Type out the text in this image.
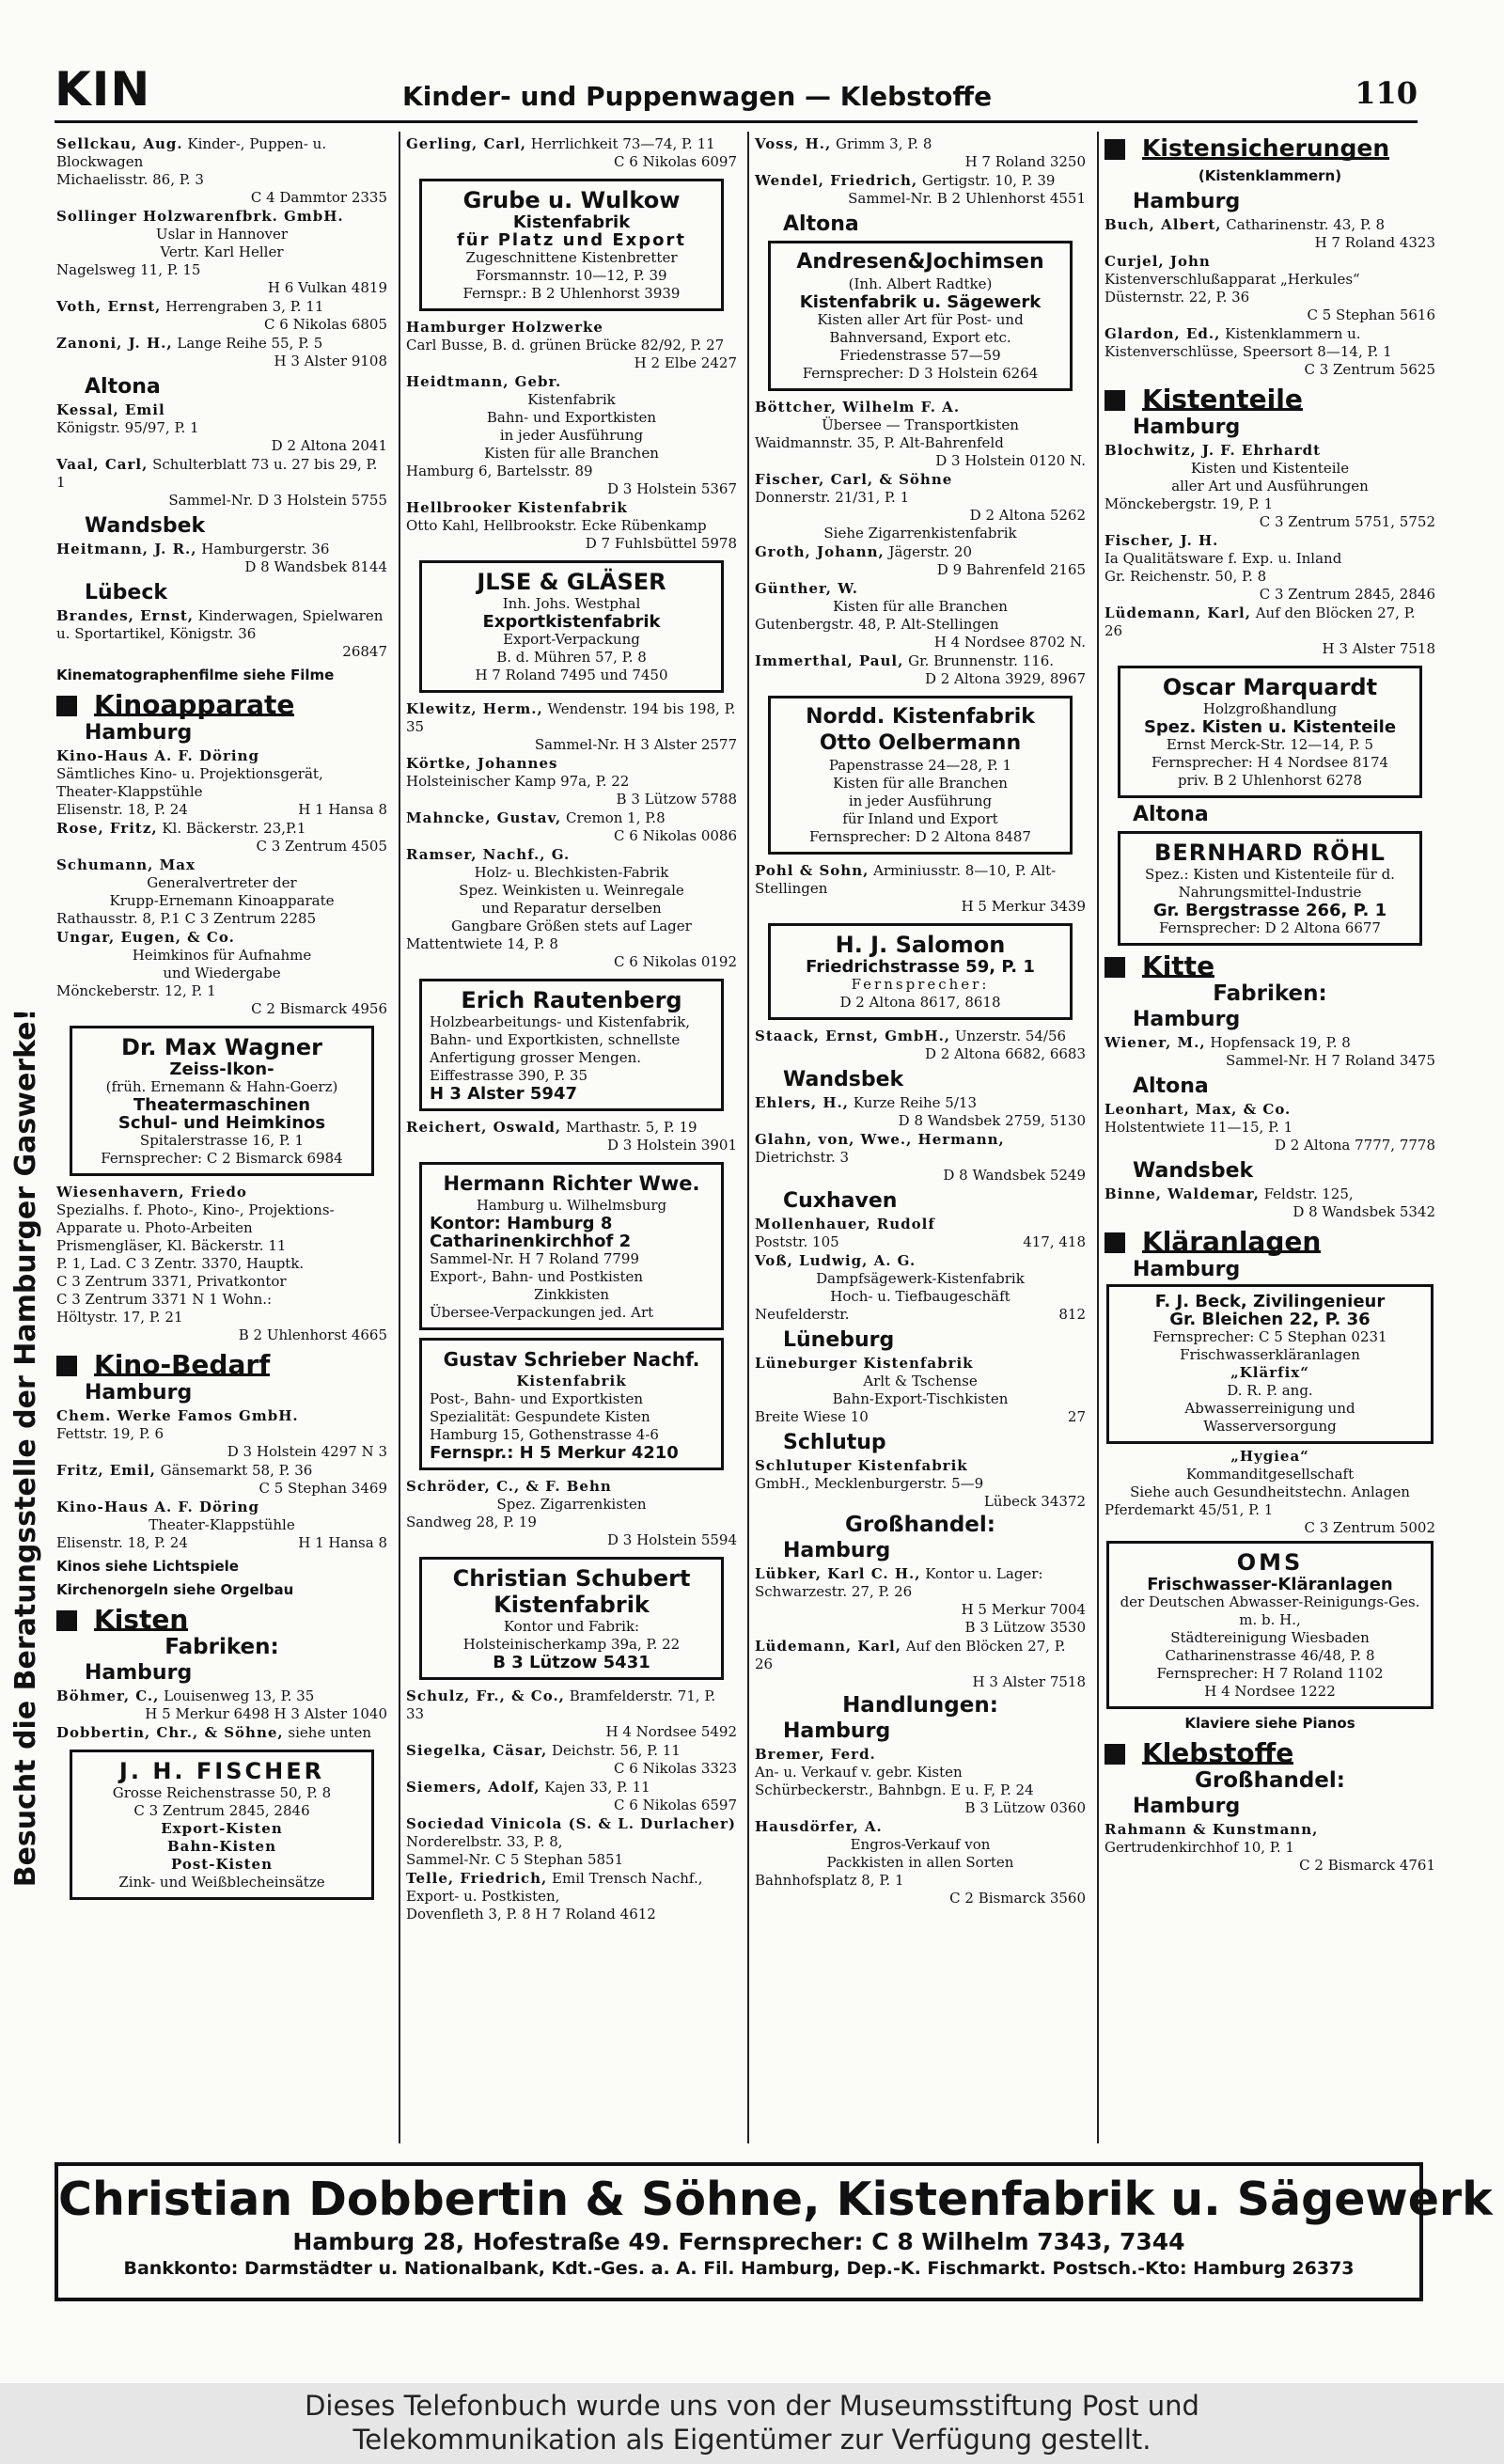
KIN	Kinder- und Puppenwagen — Klebstoffe	110
Besucht die Beratungsstelle der Hamburger Gaswerke!
Sellckau, Aug. Kinder-, Puppen- u. Blockwagen
Michaelisstr. 86, P. 3
C 4 Dammtor 2335
Sollinger Holzwarenfbrk. GmbH.
Uslar in Hannover
Vertr. Karl Heller
Nagelsweg 11, P. 15
H 6 Vulkan 4819
Voth, Ernst, Herrengraben 3, P. 11
C 6 Nikolas 6805
Zanoni, J. H., Lange Reihe 55, P. 5
H 3 Alster 9108
Altona
Kessal, Emil
Königstr. 95/97, P. 1
D 2 Altona 2041
Vaal, Carl, Schulterblatt 73 u. 27 bis 29, P. 1
Sammel-Nr. D 3 Holstein 5755
Wandsbek
Heitmann, J. R., Hamburgerstr. 36
D 8 Wandsbek 8144
Lübeck
Brandes, Ernst, Kinderwagen, Spielwaren u. Sportartikel, Königstr. 36
26847
Kinematographenfilme siehe Filme
Kinoapparate
Hamburg
Kino-Haus A. F. Döring
Sämtliches Kino- u. Projektionsgerät, Theater-Klappstühle
Elisenstr. 18, P. 24	H 1 Hansa 8
Rose, Fritz, Kl. Bäckerstr. 23,P.1
C 3 Zentrum 4505
Schumann, Max
Generalvertreter der
Krupp-Ernemann Kinoapparate
Rathausstr. 8, P.1 C 3 Zentrum 2285
Ungar, Eugen, & Co.
Heimkinos für Aufnahme
und Wiedergabe
Mönckeberstr. 12, P. 1
C 2 Bismarck 4956
Dr. Max Wagner
Zeiss-Ikon-
(früh. Ernemann & Hahn-Goerz)
Theatermaschinen
Schul- und Heimkinos
Spitalerstrasse 16, P. 1
Fernsprecher: C 2 Bismarck 6984
Wiesenhavern, Friedo
Spezialhs. f. Photo-, Kino-, Projektions-Apparate u. Photo-Arbeiten
Prismengläser, Kl. Bäckerstr. 11
P. 1, Lad. C 3 Zentr. 3370, Hauptk.
C 3 Zentrum 3371, Privatkontor
C 3 Zentrum 3371 N 1 Wohn.:
Höltystr. 17, P. 21
B 2 Uhlenhorst 4665
Kino-Bedarf
Hamburg
Chem. Werke Famos GmbH.
Fettstr. 19, P. 6
D 3 Holstein 4297 N 3
Fritz, Emil, Gänsemarkt 58, P. 36
C 5 Stephan 3469
Kino-Haus A. F. Döring
Theater-Klappstühle
Elisenstr. 18, P. 24	H 1 Hansa 8
Kinos siehe Lichtspiele
Kirchenorgeln siehe Orgelbau
Kisten
Fabriken:
Hamburg
Böhmer, C., Louisenweg 13, P. 35
H 5 Merkur 6498 H 3 Alster 1040
Dobbertin, Chr., & Söhne, siehe unten
J. H. FISCHER
Grosse Reichenstrasse 50, P. 8
C 3 Zentrum 2845, 2846
Export-Kisten
Bahn-Kisten
Post-Kisten
Zink- und Weißblecheinsätze
Gerling, Carl, Herrlichkeit 73—74, P. 11
C 6 Nikolas 6097
Grube u. Wulkow
Kistenfabrik
für Platz und Export
Zugeschnittene Kistenbretter
Forsmannstr. 10—12, P. 39
Fernspr.: B 2 Uhlenhorst 3939
Hamburger Holzwerke
Carl Busse, B. d. grünen Brücke 82/92, P. 27
H 2 Elbe 2427
Heidtmann, Gebr.
Kistenfabrik
Bahn- und Exportkisten
in jeder Ausführung
Kisten für alle Branchen
Hamburg 6, Bartelsstr. 89
D 3 Holstein 5367
Hellbrooker Kistenfabrik
Otto Kahl, Hellbrookstr. Ecke Rübenkamp
D 7 Fuhlsbüttel 5978
JLSE & GLÄSER
Inh. Johs. Westphal
Exportkistenfabrik
Export-Verpackung
B. d. Mühren 57, P. 8
H 7 Roland 7495 und 7450
Klewitz, Herm., Wendenstr. 194 bis 198, P. 35
Sammel-Nr. H 3 Alster 2577
Körtke, Johannes
Holsteinischer Kamp 97a, P. 22
B 3 Lützow 5788
Mahncke, Gustav, Cremon 1, P.8
C 6 Nikolas 0086
Ramser, Nachf., G.
Holz- u. Blechkisten-Fabrik
Spez. Weinkisten u. Weinregale
und Reparatur derselben
Gangbare Größen stets auf Lager
Mattentwiete 14, P. 8
C 6 Nikolas 0192
Erich Rautenberg
Holzbearbeitungs- und Kistenfabrik, Bahn- und Exportkisten, schnellste Anfertigung grosser Mengen.
Eiffestrasse 390, P. 35
H 3 Alster 5947
Reichert, Oswald, Marthastr. 5, P. 19
D 3 Holstein 3901
Hermann Richter Wwe.
Hamburg u. Wilhelmsburg
Kontor: Hamburg 8
Catharinenkirchhof 2
Sammel-Nr. H 7 Roland 7799
Export-, Bahn- und Postkisten
Zinkkisten
Übersee-Verpackungen jed. Art
Gustav Schrieber Nachf.
Kistenfabrik
Post-, Bahn- und Exportkisten
Spezialität: Gespundete Kisten
Hamburg 15, Gothenstrasse 4-6
Fernspr.: H 5 Merkur 4210
Schröder, C., & F. Behn
Spez. Zigarrenkisten
Sandweg 28, P. 19
D 3 Holstein 5594
Christian Schubert
Kistenfabrik
Kontor und Fabrik:
Holsteinischerkamp 39a, P. 22
B 3 Lützow 5431
Schulz, Fr., & Co., Bramfelderstr. 71, P. 33
H 4 Nordsee 5492
Siegelka, Cäsar, Deichstr. 56, P. 11
C 6 Nikolas 3323
Siemers, Adolf, Kajen 33, P. 11
C 6 Nikolas 6597
Sociedad Vinicola (S. & L. Durlacher) Norderelbstr. 33, P. 8,
Sammel-Nr. C 5 Stephan 5851
Telle, Friedrich, Emil Trensch Nachf., Export- u. Postkisten,
Dovenfleth 3, P. 8 H 7 Roland 4612
Voss, H., Grimm 3, P. 8
H 7 Roland 3250
Wendel, Friedrich, Gertigstr. 10, P. 39
Sammel-Nr. B 2 Uhlenhorst 4551
Altona
Andresen&Jochimsen
(Inh. Albert Radtke)
Kistenfabrik u. Sägewerk
Kisten aller Art für Post- und Bahnversand, Export etc.
Friedenstrasse 57—59
Fernsprecher: D 3 Holstein 6264
Böttcher, Wilhelm F. A.
Übersee — Transportkisten
Waidmannstr. 35, P. Alt-Bahrenfeld
D 3 Holstein 0120 N.
Fischer, Carl, & Söhne
Donnerstr. 21/31, P. 1
D 2 Altona 5262
Siehe Zigarrenkistenfabrik
Groth, Johann, Jägerstr. 20
D 9 Bahrenfeld 2165
Günther, W.
Kisten für alle Branchen
Gutenbergstr. 48, P. Alt-Stellingen
H 4 Nordsee 8702 N.
Immerthal, Paul, Gr. Brunnenstr. 116.
D 2 Altona 3929, 8967
Nordd. Kistenfabrik
Otto Oelbermann
Papenstrasse 24—28, P. 1
Kisten für alle Branchen
in jeder Ausführung
für Inland und Export
Fernsprecher: D 2 Altona 8487
Pohl & Sohn, Arminiusstr. 8—10, P. Alt-Stellingen
H 5 Merkur 3439
H. J. Salomon
Friedrichstrasse 59, P. 1
Fernsprecher:
D 2 Altona 8617, 8618
Staack, Ernst, GmbH., Unzerstr. 54/56
D 2 Altona 6682, 6683
Wandsbek
Ehlers, H., Kurze Reihe 5/13
D 8 Wandsbek 2759, 5130
Glahn, von, Wwe., Hermann, Dietrichstr. 3
D 8 Wandsbek 5249
Cuxhaven
Mollenhauer, Rudolf
Poststr. 105	417, 418
Voß, Ludwig, A. G.
Dampfsägewerk-Kistenfabrik
Hoch- u. Tiefbaugeschäft
Neufelderstr.	812
Lüneburg
Lüneburger Kistenfabrik
Arlt & Tschense
Bahn-Export-Tischkisten
Breite Wiese 10	27
Schlutup
Schlutuper Kistenfabrik
GmbH., Mecklenburgerstr. 5—9
Lübeck 34372
Großhandel:
Hamburg
Lübker, Karl C. H., Kontor u. Lager: Schwarzestr. 27, P. 26
H 5 Merkur 7004
B 3 Lützow 3530
Lüdemann, Karl, Auf den Blöcken 27, P. 26
H 3 Alster 7518
Handlungen:
Hamburg
Bremer, Ferd.
An- u. Verkauf v. gebr. Kisten
Schürbeckerstr., Bahnbgn. E u. F, P. 24
B 3 Lützow 0360
Hausdörfer, A.
Engros-Verkauf von
Packkisten in allen Sorten
Bahnhofsplatz 8, P. 1
C 2 Bismarck 3560
Kistensicherungen
(Kistenklammern)
Hamburg
Buch, Albert, Catharinenstr. 43, P. 8
H 7 Roland 4323
Curjel, John
Kistenverschlußapparat „Herkules“
Düsternstr. 22, P. 36
C 5 Stephan 5616
Glardon, Ed., Kistenklammern u. Kistenverschlüsse, Speersort 8—14, P. 1
C 3 Zentrum 5625
Kistenteile
Hamburg
Blochwitz, J. F. Ehrhardt
Kisten und Kistenteile
aller Art und Ausführungen
Mönckebergstr. 19, P. 1
C 3 Zentrum 5751, 5752
Fischer, J. H.
Ia Qualitätsware f. Exp. u. Inland
Gr. Reichenstr. 50, P. 8
C 3 Zentrum 2845, 2846
Lüdemann, Karl, Auf den Blöcken 27, P. 26
H 3 Alster 7518
Oscar Marquardt
Holzgroßhandlung
Spez. Kisten u. Kistenteile
Ernst Merck-Str. 12—14, P. 5
Fernsprecher: H 4 Nordsee 8174
priv. B 2 Uhlenhorst 6278
Altona
BERNHARD RÖHL
Spez.: Kisten und Kistenteile für d. Nahrungsmittel-Industrie
Gr. Bergstrasse 266, P. 1
Fernsprecher: D 2 Altona 6677
Kitte
Fabriken:
Hamburg
Wiener, M., Hopfensack 19, P. 8
Sammel-Nr. H 7 Roland 3475
Altona
Leonhart, Max, & Co.
Holstentwiete 11—15, P. 1
D 2 Altona 7777, 7778
Wandsbek
Binne, Waldemar, Feldstr. 125,
D 8 Wandsbek 5342
Kläranlagen
Hamburg
F. J. Beck, Zivilingenieur
Gr. Bleichen 22, P. 36
Fernsprecher: C 5 Stephan 0231
Frischwasserkläranlagen
„Klärfix“
D. R. P. ang.
Abwasserreinigung und Wasserversorgung
„Hygiea“
Kommanditgesellschaft
Siehe auch Gesundheitstechn. Anlagen
Pferdemarkt 45/51, P. 1
C 3 Zentrum 5002
OMS
Frischwasser-Kläranlagen
der Deutschen Abwasser-Reinigungs-Ges. m. b. H.,
Städtereinigung Wiesbaden
Catharinenstrasse 46/48, P. 8
Fernsprecher: H 7 Roland 1102
H 4 Nordsee 1222
Klaviere siehe Pianos
Klebstoffe
Großhandel:
Hamburg
Rahmann & Kunstmann, Gertrudenkirchhof 10, P. 1
C 2 Bismarck 4761
Christian Dobbertin & Söhne, Kistenfabrik u. Sägewerk
Hamburg 28, Hofestraße 49. Fernsprecher: C 8 Wilhelm 7343, 7344
Bankkonto: Darmstädter u. Nationalbank, Kdt.-Ges. a. A. Fil. Hamburg, Dep.-K. Fischmarkt. Postsch.-Kto: Hamburg 26373
Dieses Telefonbuch wurde uns von der Museumsstiftung Post und
Telekommunikation als Eigentümer zur Verfügung gestellt.
